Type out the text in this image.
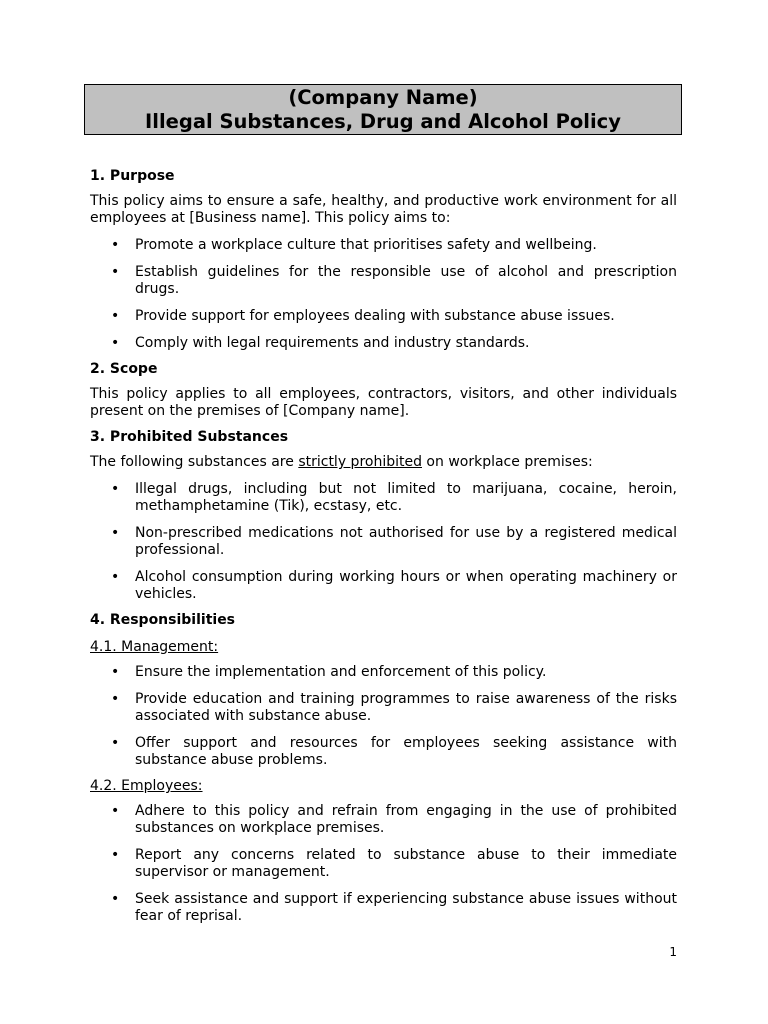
(Company Name)
Illegal Substances, Drug and Alcohol Policy
1. Purpose

This policy aims to ensure a safe, healthy, and productive work environment for all employees at [Business name]. This policy aims to:

• Promote a workplace culture that prioritises safety and wellbeing.
• Establish guidelines for the responsible use of alcohol and prescription drugs.
• Provide support for employees dealing with substance abuse issues.
• Comply with legal requirements and industry standards.
2. Scope

This policy applies to all employees, contractors, visitors, and other individuals present on the premises of [Company name].

3. Prohibited Substances

The following substances are strictly prohibited on workplace premises:

• Illegal drugs, including but not limited to marijuana, cocaine, heroin, methamphetamine (Tik), ecstasy, etc.
• Non-prescribed medications not authorised for use by a registered medical professional.
• Alcohol consumption during working hours or when operating machinery or vehicles.
4. Responsibilities
4.1. Management:
• Ensure the implementation and enforcement of this policy.
• Provide education and training programmes to raise awareness of the risks associated with substance abuse.
• Offer support and resources for employees seeking assistance with substance abuse problems.
4.2. Employees:
• Adhere to this policy and refrain from engaging in the use of prohibited substances on workplace premises.
• Report any concerns related to substance abuse to their immediate supervisor or management.
• Seek assistance and support if experiencing substance abuse issues without fear of reprisal.
1
